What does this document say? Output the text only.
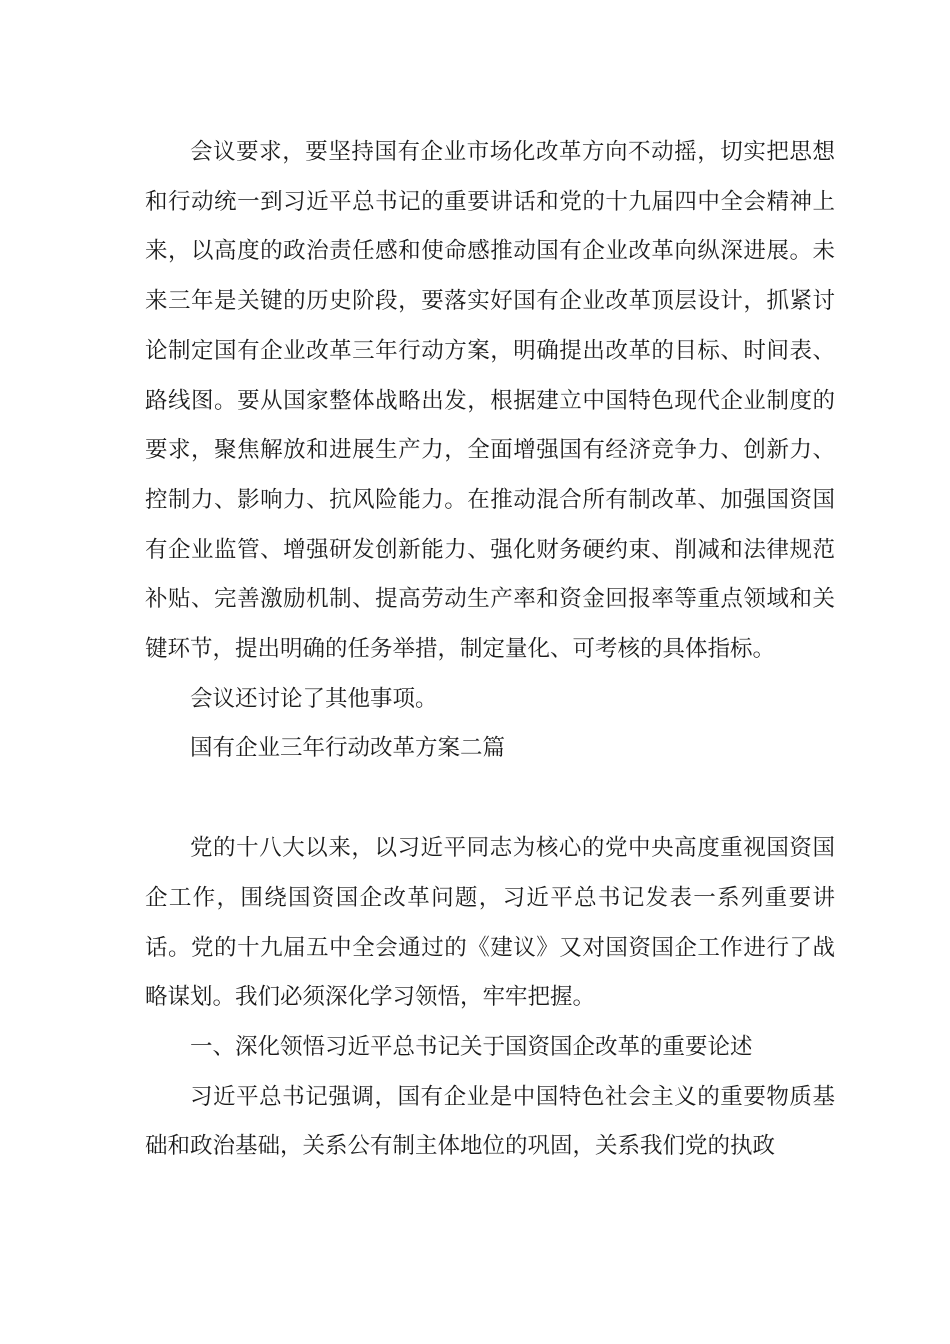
会议要求，要坚持国有企业市场化改革方向不动摇，切实把思想和行动统一到习近平总书记的重要讲话和党的十九届四中全会精神上来，以高度的政治责任感和使命感推动国有企业改革向纵深进展。未来三年是关键的历史阶段，要落实好国有企业改革顶层设计，抓紧讨论制定国有企业改革三年行动方案，明确提出改革的目标、时间表、路线图。要从国家整体战略出发，根据建立中国特色现代企业制度的要求，聚焦解放和进展生产力，全面增强国有经济竞争力、创新力、控制力、影响力、抗风险能力。在推动混合所有制改革、加强国资国有企业监管、增强研发创新能力、强化财务硬约束、削减和法律规范补贴、完善激励机制、提高劳动生产率和资金回报率等重点领域和关键环节，提出明确的任务举措，制定量化、可考核的具体指标。

会议还讨论了其他事项。

国有企业三年行动改革方案二篇

党的十八大以来，以习近平同志为核心的党中央高度重视国资国企工作，围绕国资国企改革问题，习近平总书记发表一系列重要讲话。党的十九届五中全会通过的《建议》又对国资国企工作进行了战略谋划。我们必须深化学习领悟，牢牢把握。

一、深化领悟习近平总书记关于国资国企改革的重要论述

习近平总书记强调，国有企业是中国特色社会主义的重要物质基础和政治基础，关系公有制主体地位的巩固，关系我们党的执政
